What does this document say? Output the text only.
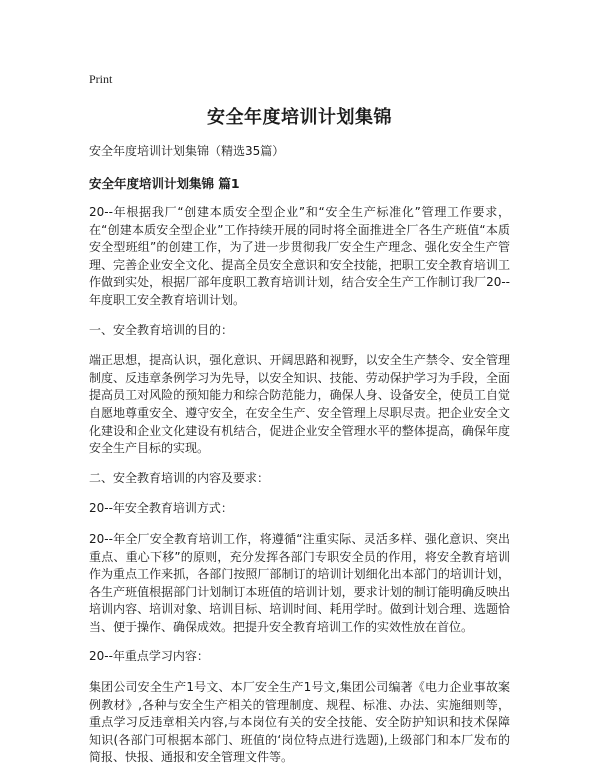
Print
安全年度培训计划集锦

安全年度培训计划集锦（精选35篇）

安全年度培训计划集锦 篇1

20--年根据我厂“创建本质安全型企业”和“安全生产标准化”管理工作要求，在“创建本质安全型企业”工作持续开展的同时将全面推进全厂各生产班值“本质安全型班组”的创建工作，为了进一步贯彻我厂安全生产理念、强化安全生产管理、完善企业安全文化、提高全员安全意识和安全技能，把职工安全教育培训工作做到实处，根据厂部年度职工教育培训计划，结合安全生产工作制订我厂20--年度职工安全教育培训计划。

一、安全教育培训的目的：

端正思想，提高认识，强化意识、开阔思路和视野，以安全生产禁令、安全管理制度、反违章条例学习为先导，以安全知识、技能、劳动保护学习为手段，全面提高员工对风险的预知能力和综合防范能力，确保人身、设备安全，使员工自觉自愿地尊重安全、遵守安全，在安全生产、安全管理上尽职尽责。把企业安全文化建设和企业文化建设有机结合，促进企业安全管理水平的整体提高，确保年度安全生产目标的实现。

二、安全教育培训的内容及要求：

20--年安全教育培训方式：

20--年全厂安全教育培训工作，将遵循“注重实际、灵活多样、强化意识、突出重点、重心下移”的原则，充分发挥各部门专职安全员的作用，将安全教育培训作为重点工作来抓，各部门按照厂部制订的培训计划细化出本部门的培训计划，各生产班值根据部门计划制订本班值的培训计划，要求计划的制订能明确反映出培训内容、培训对象、培训目标、培训时间、耗用学时。做到计划合理、选题恰当、便于操作、确保成效。把提升安全教育培训工作的实效性放在首位。

20--年重点学习内容：

集团公司安全生产1号文、本厂安全生产1号文,集团公司编著《电力企业事故案例教材》,各种与安全生产相关的管理制度、规程、标准、办法、实施细则等，重点学习反违章相关内容,与本岗位有关的安全技能、安全防护知识和技术保障知识(各部门可根据本部门、班值的‘岗位特点进行选题),上级部门和本厂发布的简报、快报、通报和安全管理文件等。
